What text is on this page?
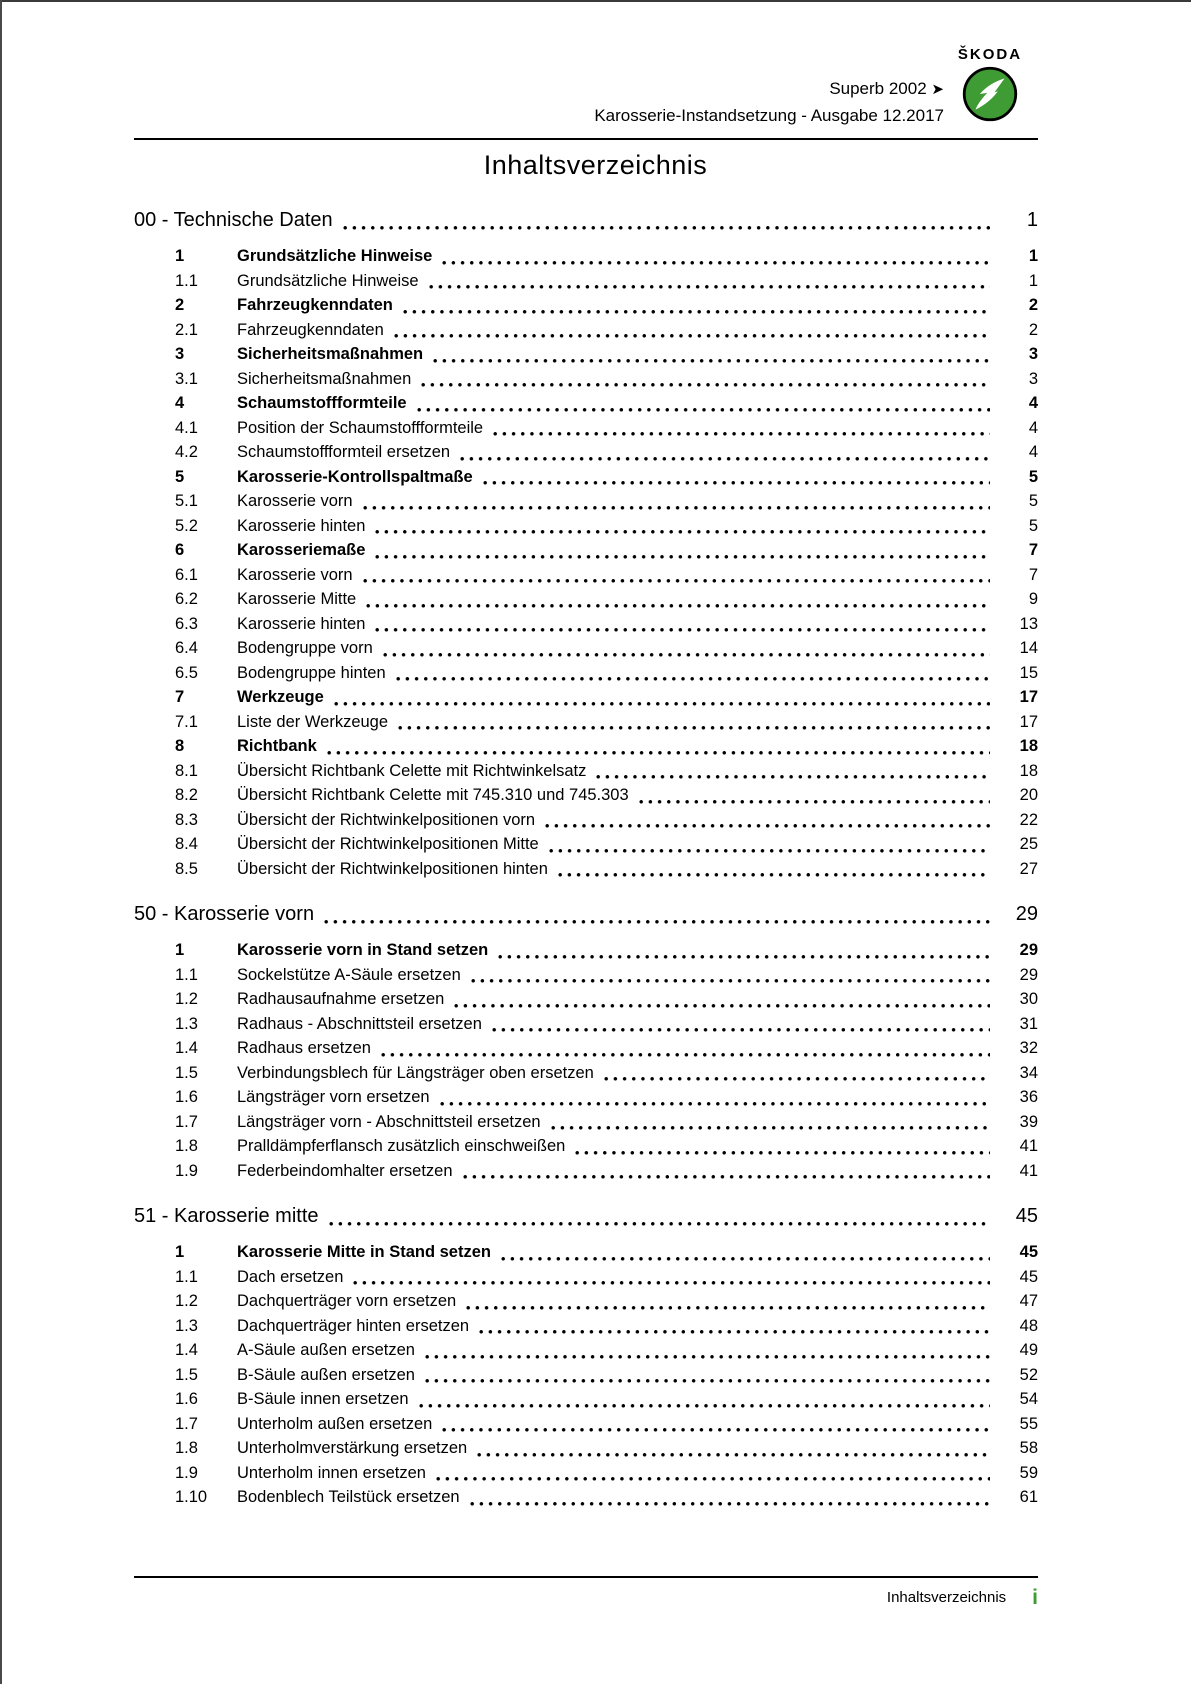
Superb 2002 ➤
Karosserie-Instandsetzung - Ausgabe 12.2017
ŠKODA
Inhaltsverzeichnis
00 - Technische Daten	1
1	Grundsätzliche Hinweise	1
1.1	Grundsätzliche Hinweise	1
2	Fahrzeugkenndaten	2
2.1	Fahrzeugkenndaten	2
3	Sicherheitsmaßnahmen	3
3.1	Sicherheitsmaßnahmen	3
4	Schaumstoffformteile	4
4.1	Position der Schaumstoffformteile	4
4.2	Schaumstoffformteil ersetzen	4
5	Karosserie-Kontrollspaltmaße	5
5.1	Karosserie vorn	5
5.2	Karosserie hinten	5
6	Karosseriemaße	7
6.1	Karosserie vorn	7
6.2	Karosserie Mitte	9
6.3	Karosserie hinten	13
6.4	Bodengruppe vorn	14
6.5	Bodengruppe hinten	15
7	Werkzeuge	17
7.1	Liste der Werkzeuge	17
8	Richtbank	18
8.1	Übersicht Richtbank Celette mit Richtwinkelsatz	18
8.2	Übersicht Richtbank Celette mit 745.310 und 745.303	20
8.3	Übersicht der Richtwinkelpositionen vorn	22
8.4	Übersicht der Richtwinkelpositionen Mitte	25
8.5	Übersicht der Richtwinkelpositionen hinten	27
50 - Karosserie vorn	29
1	Karosserie vorn in Stand setzen	29
1.1	Sockelstütze A-Säule ersetzen	29
1.2	Radhausaufnahme ersetzen	30
1.3	Radhaus - Abschnittsteil ersetzen	31
1.4	Radhaus ersetzen	32
1.5	Verbindungsblech für Längsträger oben ersetzen	34
1.6	Längsträger vorn ersetzen	36
1.7	Längsträger vorn - Abschnittsteil ersetzen	39
1.8	Pralldämpferflansch zusätzlich einschweißen	41
1.9	Federbeindomhalter ersetzen	41
51 - Karosserie mitte	45
1	Karosserie Mitte in Stand setzen	45
1.1	Dach ersetzen	45
1.2	Dachquerträger vorn ersetzen	47
1.3	Dachquerträger hinten ersetzen	48
1.4	A-Säule außen ersetzen	49
1.5	B-Säule außen ersetzen	52
1.6	B-Säule innen ersetzen	54
1.7	Unterholm außen ersetzen	55
1.8	Unterholmverstärkung ersetzen	58
1.9	Unterholm innen ersetzen	59
1.10	Bodenblech Teilstück ersetzen	61
Inhaltsverzeichnis i
